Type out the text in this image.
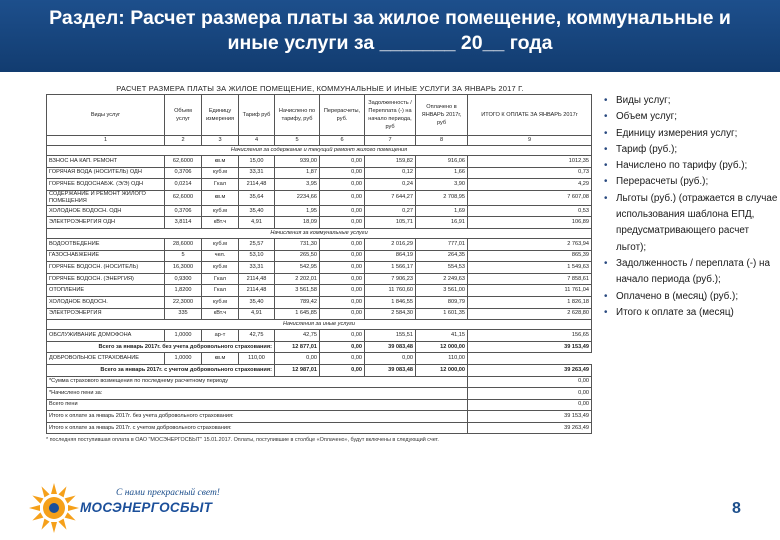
Раздел: Расчет размера платы за жилое помещение, коммунальные и
иные услуги за _______ 20__ года
РАСЧЕТ РАЗМЕРА ПЛАТЫ ЗА ЖИЛОЕ ПОМЕЩЕНИЕ, КОММУНАЛЬНЫЕ И ИНЫЕ УСЛУГИ ЗА ЯНВАРЬ 2017 Г.
Виды услуг	Объем услуг	Единицу измерения	Тариф руб	Начислено по тарифу, руб	Перерасчеты, руб.	Задолженность / Переплата (-) на начало периода, руб	Оплачено в ЯНВАРЬ 2017г, руб	ИТОГО К ОПЛАТЕ ЗА ЯНВАРЬ 2017г
1	2	3	4	5	6	7	8	9
Начисления за содержание и текущий ремонт жилого помещения								
ВЗНОС НА КАП. РЕМОНТ	62,6000	кв.м	15,00	939,00	0,00	159,82	916,06	1012,35
ГОРЯЧАЯ ВОДА (НОСИТЕЛЬ) ОДН	0,3706	куб.м	33,31	1,87	0,00	0,12	1,66	0,73
ГОРЯЧЕЕ ВОДОСНАБЖ. (Э/Э) ОДН	0,0214	Гкал	2114,48	3,95	0,00	0,24	3,90	4,29
СОДЕРЖАНИЕ И РЕМОНТ ЖИЛОГО ПОМЕЩЕНИЯ	62,6000	кв.м	35,64	2234,66	0,00	7 644,27	2 708,95	7 607,08
ХОЛОДНОЕ ВОДОСН. ОДН	0,3706	куб.м	35,40	1,95	0,00	0,27	1,69	0,53
ЭЛЕКТРОЭНЕРГИЯ ОДН	3,8114	кВт.ч	4,91	18,09	0,00	105,71	16,91	106,89
Начисления за коммунальные услуги								
ВОДООТВЕДЕНИЕ	28,6000	куб.м	25,57	731,30	0,00	2 016,29	777,01	2 763,94
ГАЗОСНАБЖЕНИЕ	5	чел.	53,10	265,50	0,00	864,19	264,35	865,39
ГОРЯЧЕЕ ВОДОСН. (НОСИТЕЛЬ)	16,3000	куб.м	33,31	542,95	0,00	1 566,17	554,53	1 549,63
ГОРЯЧЕЕ ВОДОСН. (ЭНЕРГИЯ)	0,9300	Гкал	2114,48	2 202,01	0,00	7 906,23	2 249,63	7 858,61
ОТОПЛЕНИЕ	1,8200	Гкал	2114,48	3 561,58	0,00	11 760,60	3 561,00	11 761,04
ХОЛОДНОЕ ВОДОСН.	22,3000	куб.м	35,40	789,42	0,00	1 846,55	809,79	1 826,18
ЭЛЕКТРОЭНЕРГИЯ	335	кВт.ч	4,91	1 645,85	0,00	2 584,30	1 601,35	2 628,80
Начисления за иные услуги								
ОБСЛУЖИВАНИЕ ДОМОФОНА	1,0000	ар-т	42,75	42,75	0,00	155,51	41,15	156,65
Всего за январь 2017г. без учета добровольного страхования:				12 877,01	0,00	39 083,48	12 000,00	39 153,49
ДОБРОВОЛЬНОЕ СТРАХОВАНИЕ	1,0000	кв.м	110,00	0,00	0,00	0,00	110,00	
Всего за январь 2017г. с учетом добровольного страхования:				12 987,01	0,00	39 083,48	12 000,00	39 263,49
*Сумма страхового возмещения по последнему расчетному периоду								0,00
*Начислено пени за:								0,00
Всего пени								0,00
Итого к оплате за январь 2017г. без учета добровольного страхования:								39 153,49
Итого к оплате за январь 2017г. с учетом добровольного страхования:								39 263,49
* последняя поступившая оплата в ОАО "МОСЭНЕРГОСБЫТ" 15.01.2017. Оплаты, поступившие в столбце «Оплачено», будут включены в следующий счет.
• Виды услуг;
• Объем услуг;
• Единицу измерения услуг;
• Тариф (руб.);
• Начислено по тарифу (руб.);
• Перерасчеты (руб.);
• Льготы (руб.) (отражается в случае использования шаблона ЕПД, предусматривающего расчет льгот);
• Задолженность / переплата (-) на начало периода (руб.);
• Оплачено в (месяц) (руб.);
• Итого к оплате за (месяц)
С нами прекрасный свет!
МОСЭНЕРГОСБЫТ	8
